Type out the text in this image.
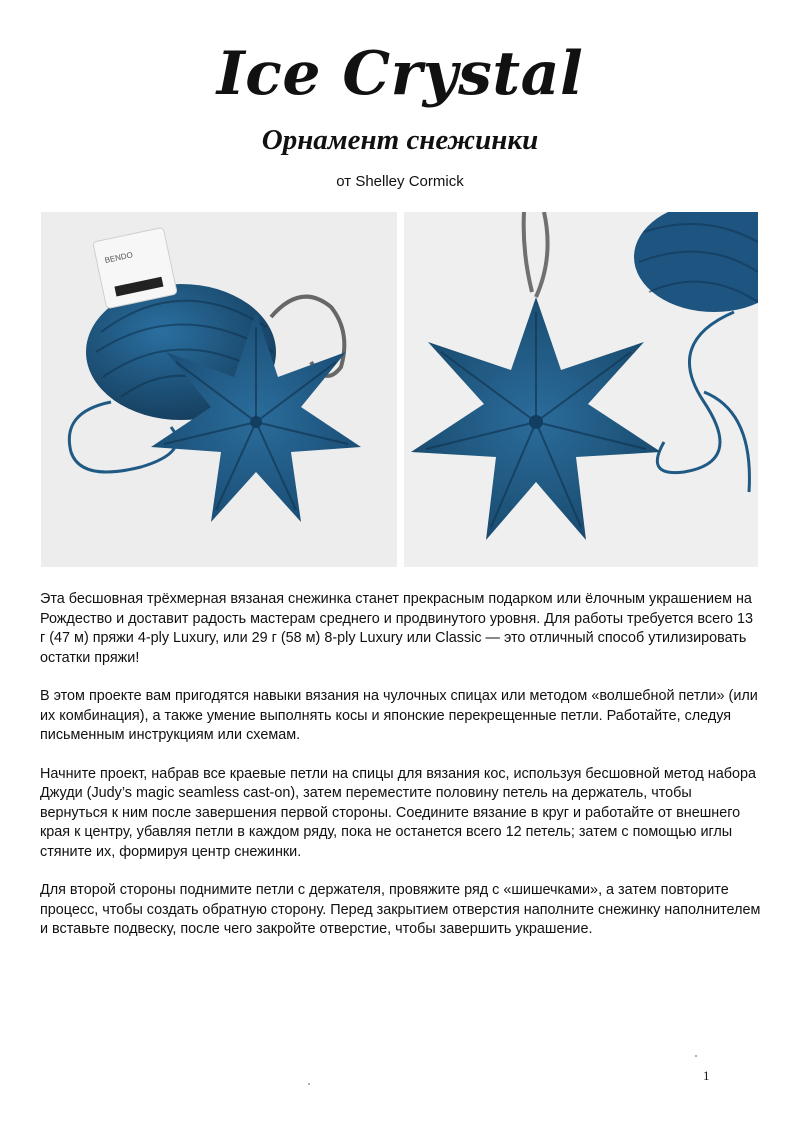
Ice Crystal
Орнамент снежинки
от Shelley Cormick
BENDO

Эта бесшовная трёхмерная вязаная снежинка станет прекрасным подарком или ёлочным украшением на Рождество и доставит радость мастерам среднего и продвинутого уровня. Для работы требуется всего 13 г (47 м) пряжи 4-ply Luxury, или 29 г (58 м) 8-ply Luxury или Classic — это отличный способ утилизировать остатки пряжи!

В этом проекте вам пригодятся навыки вязания на чулочных спицах или методом «волшебной петли» (или их комбинация), а также умение выполнять косы и японские перекрещенные петли. Работайте, следуя письменным инструкциям или схемам.

Начните проект, набрав все краевые петли на спицы для вязания кос, используя бесшовной метод набора Джуди (Judy’s magic seamless cast-on), затем переместите половину петель на держатель, чтобы вернуться к ним после завершения первой стороны. Соедините вязание в круг и работайте от внешнего края к центру, убавляя петли в каждом ряду, пока не останется всего 12 петель; затем с помощью иглы стяните их, формируя центр снежинки.

Для второй стороны поднимите петли с держателя, провяжите ряд с «шишечками», а затем повторите процесс, чтобы создать обратную сторону. Перед закрытием отверстия наполните снежинку наполнителем и вставьте подвеску, после чего закройте отверстие, чтобы завершить украшение.

1
